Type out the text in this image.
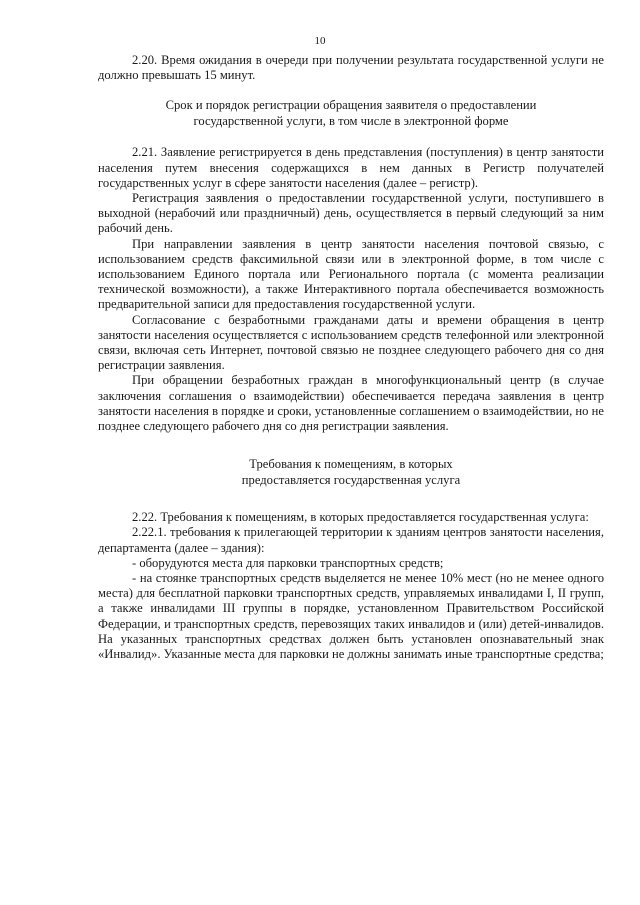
10

2.20. Время ожидания в очереди при получении результата государственной услуги не должно превышать 15 минут.

Срок и порядок регистрации обращения заявителя о предоставлении
государственной услуги, в том числе в электронной форме

2.21. Заявление регистрируется в день представления (поступления) в центр занятости населения путем внесения содержащихся в нем данных в Регистр получателей государственных услуг в сфере занятости населения (далее – регистр).

Регистрация заявления о предоставлении государственной услуги, поступившего в выходной (нерабочий или праздничный) день, осуществляется в первый следующий за ним рабочий день.

При направлении заявления в центр занятости населения почтовой связью, с использованием средств факсимильной связи или в электронной форме, в том числе с использованием Единого портала или Регионального портала (с момента реализации технической возможности), а также Интерактивного портала обеспечивается возможность предварительной записи для предоставления государственной услуги.

Согласование с безработными гражданами даты и времени обращения в центр занятости населения осуществляется с использованием средств телефонной или электронной связи, включая сеть Интернет, почтовой связью не позднее следующего рабочего дня со дня регистрации заявления.

При обращении безработных граждан в многофункциональный центр (в случае заключения соглашения о взаимодействии) обеспечивается передача заявления в центр занятости населения в порядке и сроки, установленные соглашением о взаимодействии, но не позднее следующего рабочего дня со дня регистрации заявления.

Требования к помещениям, в которых
предоставляется государственная услуга

2.22. Требования к помещениям, в которых предоставляется государственная услуга:

2.22.1. требования к прилегающей территории к зданиям центров занятости населения, департамента (далее – здания):

- оборудуются места для парковки транспортных средств;

- на стоянке транспортных средств выделяется не менее 10% мест (но не менее одного места) для бесплатной парковки транспортных средств, управляемых инвалидами I, II групп, а также инвалидами III группы в порядке, установленном Правительством Российской Федерации, и транспортных средств, перевозящих таких инвалидов и (или) детей-инвалидов. На указанных транспортных средствах должен быть установлен опознавательный знак «Инвалид». Указанные места для парковки не должны занимать иные транспортные средства;
